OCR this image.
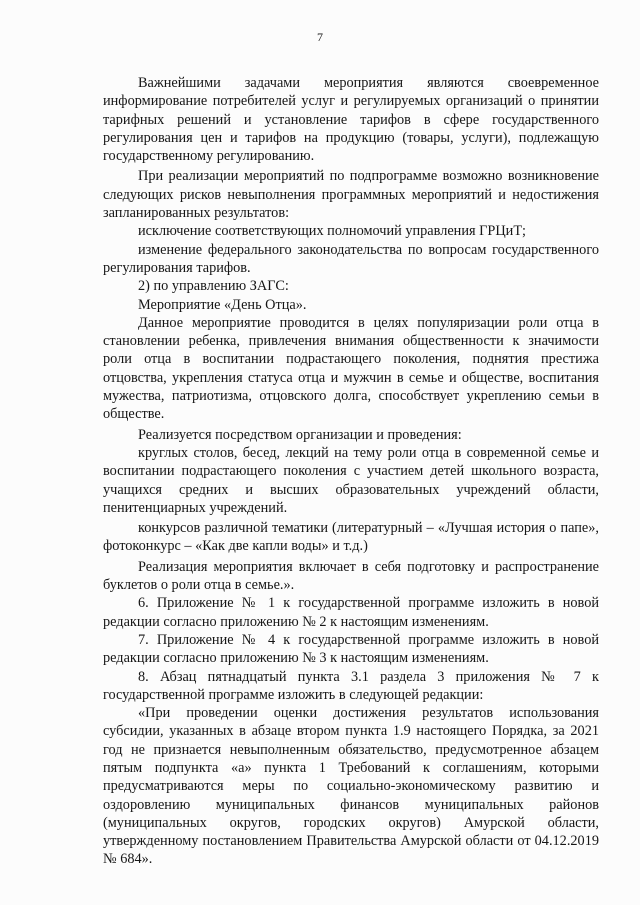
7

Важнейшими задачами мероприятия являются своевременное информирование потребителей услуг и регулируемых организаций о принятии тарифных решений и установление тарифов в сфере государственного регулирования цен и тарифов на продукцию (товары, услуги), подлежащую государственному регулированию.

При реализации мероприятий по подпрограмме возможно возникновение следующих рисков невыполнения программных мероприятий и недостижения запланированных результатов:

исключение соответствующих полномочий управления ГРЦиТ;

изменение федерального законодательства по вопросам государственного регулирования тарифов.

2) по управлению ЗАГС:

Мероприятие «День Отца».

Данное мероприятие проводится в целях популяризации роли отца в становлении ребенка, привлечения внимания общественности к значимости роли отца в воспитании подрастающего поколения, поднятия престижа отцовства, укрепления статуса отца и мужчин в семье и обществе, воспитания мужества, патриотизма, отцовского долга, способствует укреплению семьи в обществе.

Реализуется посредством организации и проведения:

круглых столов, бесед, лекций на тему роли отца в современной семье и воспитании подрастающего поколения с участием детей школьного возраста, учащихся средних и высших образовательных учреждений области, пенитенциарных учреждений.

конкурсов различной тематики (литературный – «Лучшая история о папе», фотоконкурс – «Как две капли воды» и т.д.)

Реализация мероприятия включает в себя подготовку и распространение буклетов о роли отца в семье.».

6. Приложение № 1 к государственной программе изложить в новой редакции согласно приложению № 2 к настоящим изменениям.

7. Приложение № 4 к государственной программе изложить в новой редакции согласно приложению № 3 к настоящим изменениям.

8. Абзац пятнадцатый пункта 3.1 раздела 3 приложения № 7 к государственной программе изложить в следующей редакции:

«При проведении оценки достижения результатов использования субсидии, указанных в абзаце втором пункта 1.9 настоящего Порядка, за 2021 год не признается невыполненным обязательство, предусмотренное абзацем пятым подпункта «а» пункта 1 Требований к соглашениям, которыми предусматриваются меры по социально-экономическому развитию и оздоровлению муниципальных финансов муниципальных районов (муниципальных округов, городских округов) Амурской области, утвержденному постановлением Правительства Амурской области от 04.12.2019 № 684».
